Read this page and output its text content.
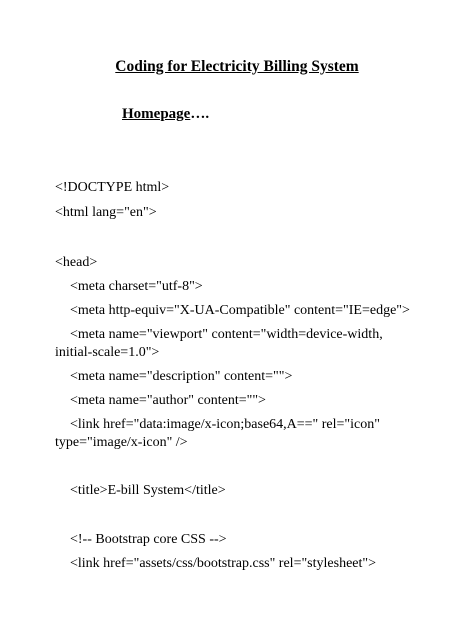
Coding for Electricity Billing System
Homepage….
<!DOCTYPE html>
<html lang="en">
<head>
<meta charset="utf-8">
<meta http-equiv="X-UA-Compatible" content="IE=edge">
<meta name="viewport" content="width=device-width,
initial-scale=1.0">
<meta name="description" content="">
<meta name="author" content="">
<link href="data:image/x-icon;base64,A==" rel="icon"
type="image/x-icon" />
<title>E-bill System</title>
<!-- Bootstrap core CSS -->
<link href="assets/css/bootstrap.css" rel="stylesheet">
